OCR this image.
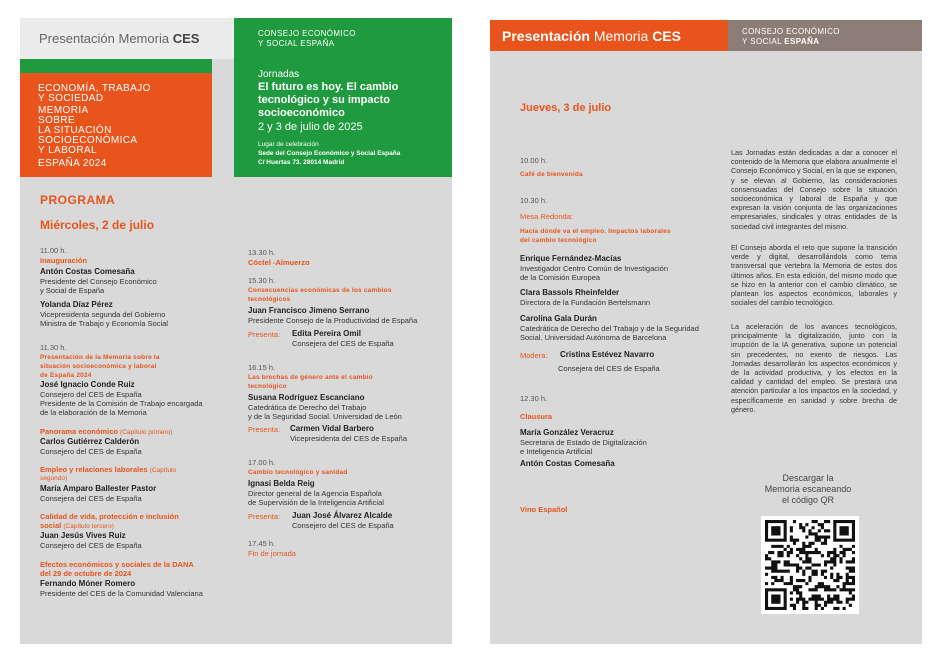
Presentación Memoria CES
ECONOMÍA, TRABAJO
Y SOCIEDAD
MEMORIA
SOBRE
LA SITUACIÓN
SOCIOECONÓMICA
Y LABORAL
ESPAÑA 2024
CONSEJO ECONÓMICO
Y SOCIAL ESPAÑA
Jornadas
El futuro es hoy. El cambio
tecnológico y su impacto
socioeconómico
2 y 3 de julio de 2025
Lugar de celebración
Sede del Consejo Económico y Social España
C/ Huertas 73. 28014 Madrid
PROGRAMA
Miércoles, 2 de julio
11.00 h.
Inauguración
Antón Costas Comesaña
Presidente del Consejo Económico
y Social de España
Yolanda Díaz Pérez
Vicepresidenta segunda del Gobierno
Ministra de Trabajo y Economía Social
11.30 h.
Presentación de la Memoria sobre la
situación socioeconómica y laboral
de España 2024
José Ignacio Conde Ruiz
Consejero del CES de España
Presidente de la Comisión de Trabajo encargada
de la elaboración de la Memoria
Panorama económico (Capítulo primero)
Carlos Gutiérrez Calderón
Consejero del CES de España
Empleo y relaciones laborales (Capítulo
segundo)
María Amparo Ballester Pastor
Consejera del CES de España
Calidad de vida, protección e inclusión
social (Capítulo tercero)
Juan Jesús Vives Ruiz
Consejero del CES de España
Efectos económicos y sociales de la DANA
del 29 de octubre de 2024
Fernando Móner Romero
Presidente del CES de la Comunidad Valenciana
13.30 h.
Cóctel -Almuerzo
15.30 h.
Consecuencias económicas de los cambios
tecnológicos
Juan Francisco Jimeno Serrano
Presidente Consejo de la Productividad de España
Presenta: Edita Pereira Omil
Consejera del CES de España
16.15 h.
Las brechas de género ante el cambio
tecnológico
Susana Rodríguez Escanciano
Catedrática de Derecho del Trabajo
y de la Seguridad Social. Universidad de León
Presenta: Carmen Vidal Barbero
Vicepresidenta del CES de España
17.00 h.
Cambio tecnológico y sanidad
Ignasi Belda Reig
Director general de la Agencia Española
de Supervisión de la Inteligencia Artificial
Presenta: Juan José Álvarez Alcalde
Consejero del CES de España
17.45 h.
Fin de jornada
Presentación Memoria CES	CONSEJO ECONÓMICO
Y SOCIAL ESPAÑA
Jueves, 3 de julio
10.00 h.
Café de bienvenida
10.30 h.
Mesa Redonda:
Hacia dónde va el empleo. Impactos laborales
del cambio tecnológico
Enrique Fernández-Macías
Investigador Centro Común de Investigación
de la Comisión Europea
Clara Bassols Rheinfelder
Directora de la Fundación Bertelsmann
Carolina Gala Durán
Catedrática de Derecho del Trabajo y de la Seguridad
Social. Universidad Autónoma de Barcelona
Modera: Cristina Estévez Navarro
Consejera del CES de España
12.30 h.
Clausura
María González Veracruz
Secretaria de Estado de Digitalización
e Inteligencia Artificial
Antón Costas Comesaña
Vino Español
Las Jornadas están dedicadas a dar a conocer el contenido de la Memoria que elabora anualmente el Consejo Económico y Social, en la que se exponen, y se elevan al Gobierno, las consideraciones consensuadas del Consejo sobre la situación socioeconómica y laboral de España y que expresan la visión conjunta de las organizaciones empresariales, sindicales y otras entidades de la sociedad civil integrantes del mismo.
El Consejo aborda el reto que supone la transición verde y digital, desarrollándola como tema transversal que vertebra la Memoria de estos dos últimos años. En esta edición, del mismo modo que se hizo en la anterior con el cambio climático, se plantean los aspectos económicos, laborales y sociales del cambio tecnológico.
La aceleración de los avances tecnológicos, principalmente la digitalización, junto con la irrupción de la IA generativa, supone un potencial sin precedentes, no exento de riesgos. Las Jornadas desarrollarán los aspectos económicos y de la actividad productiva, y los efectos en la calidad y cantidad del empleo. Se prestará una atención particular a los impactos en la sociedad, y específicamente en sanidad y sobre brecha de género.
Descargar la
Memoria escaneando
el código QR
